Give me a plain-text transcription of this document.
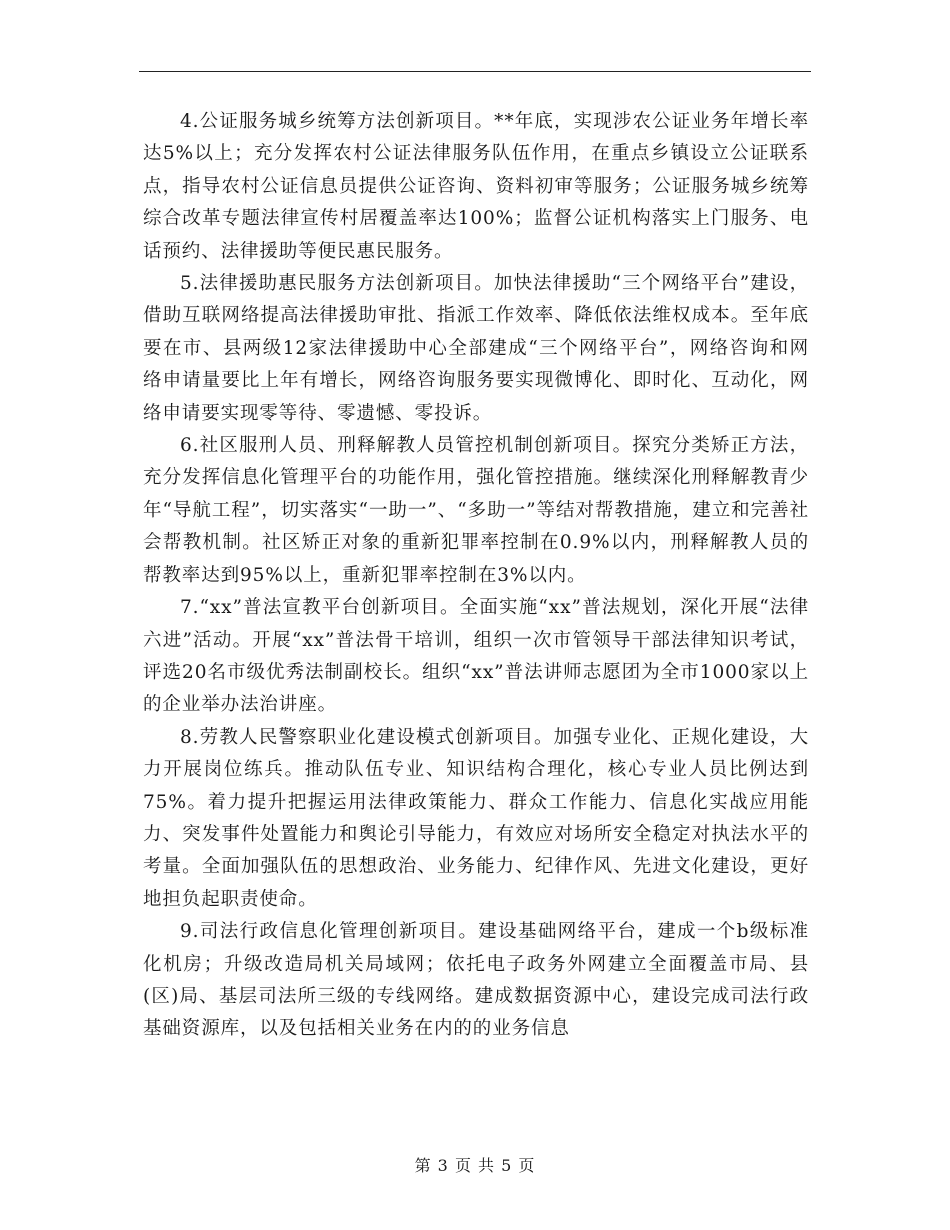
4.公证服务城乡统筹方法创新项目。**年底，实现涉农公证业务年增长率达5%以上；充分发挥农村公证法律服务队伍作用，在重点乡镇设立公证联系点，指导农村公证信息员提供公证咨询、资料初审等服务；公证服务城乡统筹综合改革专题法律宣传村居覆盖率达100%；监督公证机构落实上门服务、电话预约、法律援助等便民惠民服务。

5.法律援助惠民服务方法创新项目。加快法律援助“三个网络平台”建设，借助互联网络提高法律援助审批、指派工作效率、降低依法维权成本。至年底要在市、县两级12家法律援助中心全部建成“三个网络平台”，网络咨询和网络申请量要比上年有增长，网络咨询服务要实现微博化、即时化、互动化，网络申请要实现零等待、零遗憾、零投诉。

6.社区服刑人员、刑释解教人员管控机制创新项目。探究分类矫正方法，充分发挥信息化管理平台的功能作用，强化管控措施。继续深化刑释解教青少年“导航工程”，切实落实“一助一”、“多助一”等结对帮教措施，建立和完善社会帮教机制。社区矫正对象的重新犯罪率控制在0.9%以内，刑释解教人员的帮教率达到95%以上，重新犯罪率控制在3%以内。

7.“xx”普法宣教平台创新项目。全面实施“xx”普法规划，深化开展“法律六进”活动。开展“xx”普法骨干培训，组织一次市管领导干部法律知识考试，评选20名市级优秀法制副校长。组织“xx”普法讲师志愿团为全市1000家以上的企业举办法治讲座。

8.劳教人民警察职业化建设模式创新项目。加强专业化、正规化建设，大力开展岗位练兵。推动队伍专业、知识结构合理化，核心专业人员比例达到75%。着力提升把握运用法律政策能力、群众工作能力、信息化实战应用能力、突发事件处置能力和舆论引导能力，有效应对场所安全稳定对执法水平的考量。全面加强队伍的思想政治、业务能力、纪律作风、先进文化建设，更好地担负起职责使命。

9.司法行政信息化管理创新项目。建设基础网络平台，建成一个b级标准化机房；升级改造局机关局域网；依托电子政务外网建立全面覆盖市局、县(区)局、基层司法所三级的专线网络。建成数据资源中心，建设完成司法行政基础资源库，以及包括相关业务在内的的业务信息

第 3 页 共 5 页
